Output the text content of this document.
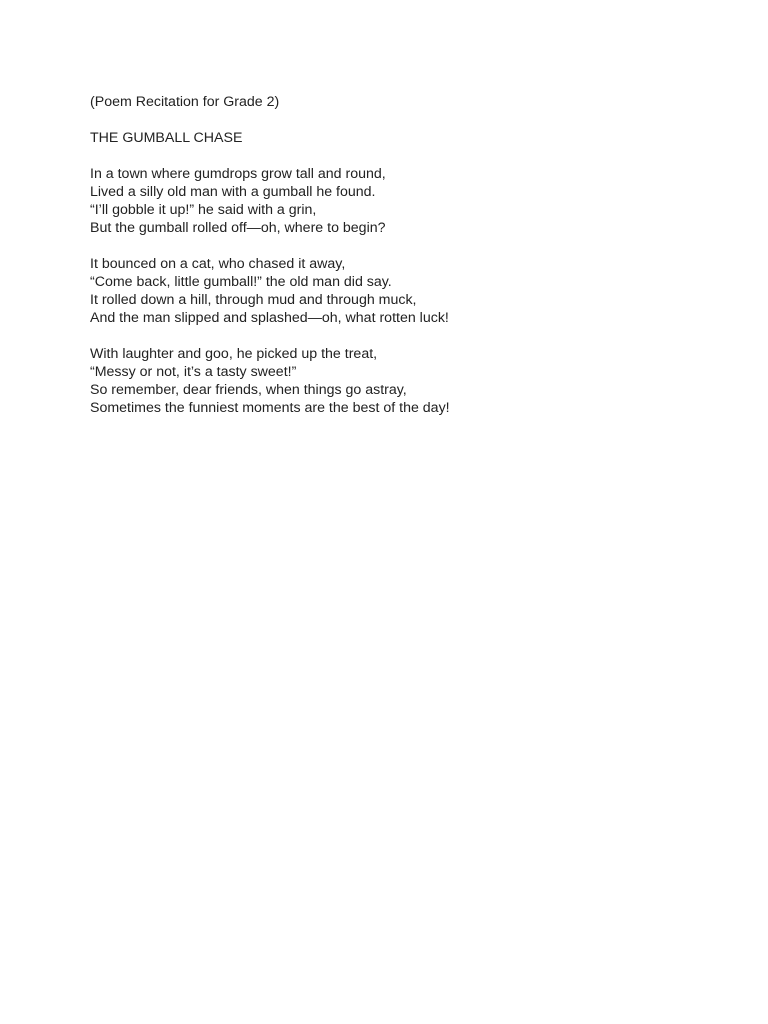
(Poem Recitation for Grade 2)
THE GUMBALL CHASE
In a town where gumdrops grow tall and round,
Lived a silly old man with a gumball he found.
“I’ll gobble it up!” he said with a grin,
But the gumball rolled off—oh, where to begin?
It bounced on a cat, who chased it away,
“Come back, little gumball!” the old man did say.
It rolled down a hill, through mud and through muck,
And the man slipped and splashed—oh, what rotten luck!
With laughter and goo, he picked up the treat,
“Messy or not, it’s a tasty sweet!”
So remember, dear friends, when things go astray,
Sometimes the funniest moments are the best of the day!
